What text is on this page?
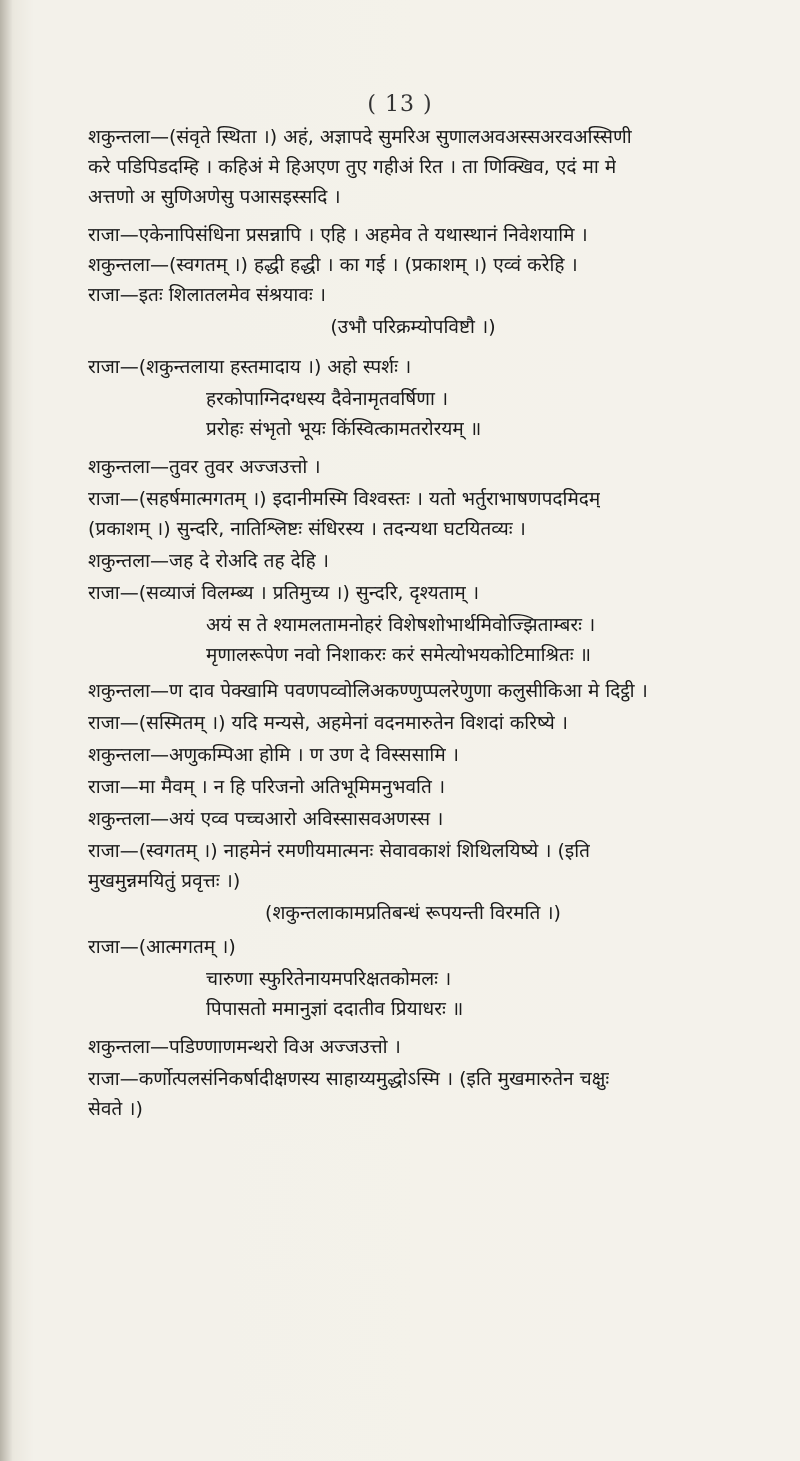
( 13 )
शकुन्तला—(संवृते स्थिता ।) अहं, अज्ञापदे सुमरिअ सुणालअवअस्सअरवअस्सिणी
करे पडिपिडदम्हि । कहिअं मे हिअएण तुए गहीअं रित । ता णिक्खिव, एदं मा मे
अत्तणो अ सुणिअणेसु पआसइस्सदि ।
राजा—एकेनापिसंधिना प्रसन्नापि । एहि । अहमेव ते यथास्थानं निवेशयामि ।
शकुन्तला—(स्वगतम् ।) हद्धी हद्धी । का गई । (प्रकाशम् ।) एव्वं करेहि ।
राजा—इतः शिलातलमेव संश्रयावः ।
(उभौ परिक्रम्योपविष्टौ ।)
राजा—(शकुन्तलाया हस्तमादाय ।) अहो स्पर्शः ।
हरकोपाग्निदग्धस्य दैवेनामृतवर्षिणा ।
प्ररोहः संभृतो भूयः किंस्वित्कामतरोरयम् ॥
शकुन्तला—तुवर तुवर अज्जउत्तो ।
राजा—(सहर्षमात्मगतम् ।) इदानीमस्मि विश्वस्तः । यतो भर्तुराभाषणपदमिदम्
(प्रकाशम् ।) सुन्दरि, नातिश्लिष्टः संधिरस्य । तदन्यथा घटयितव्यः ।
शकुन्तला—जह दे रोअदि तह देहि ।
राजा—(सव्याजं विलम्ब्य । प्रतिमुच्य ।) सुन्दरि, दृश्यताम् ।
अयं स ते श्यामलतामनोहरं विशेषशोभार्थमिवोज्झिताम्बरः ।
मृणालरूपेण नवो निशाकरः करं समेत्योभयकोटिमाश्रितः ॥
शकुन्तला—ण दाव पेक्खामि पवणपव्वोलिअकण्णुप्पलरेणुणा कलुसीकिआ मे दिट्ठी ।
राजा—(सस्मितम् ।) यदि मन्यसे, अहमेनां वदनमारुतेन विशदां करिष्ये ।
शकुन्तला—अणुकम्पिआ होमि । ण उण दे विस्ससामि ।
राजा—मा मैवम् । न हि परिजनो अतिभूमिमनुभवति ।
शकुन्तला—अयं एव्व पच्चआरो अविस्सासवअणस्स ।
राजा—(स्वगतम् ।) नाहमेनं रमणीयमात्मनः सेवावकाशं शिथिलयिष्ये । (इति
मुखमुन्नमयितुं प्रवृत्तः ।)
(शकुन्तलाकामप्रतिबन्धं रूपयन्ती विरमति ।)
राजा—(आत्मगतम् ।)
चारुणा स्फुरितेनायमपरिक्षतकोमलः ।
पिपासतो ममानुज्ञां ददातीव प्रियाधरः ॥
शकुन्तला—पडिण्णाणमन्थरो विअ अज्जउत्तो ।
राजा—कर्णोत्पलसंनिकर्षादीक्षणस्य साहाय्यमुद्धोऽस्मि । (इति मुखमारुतेन चक्षुः
सेवते ।)
